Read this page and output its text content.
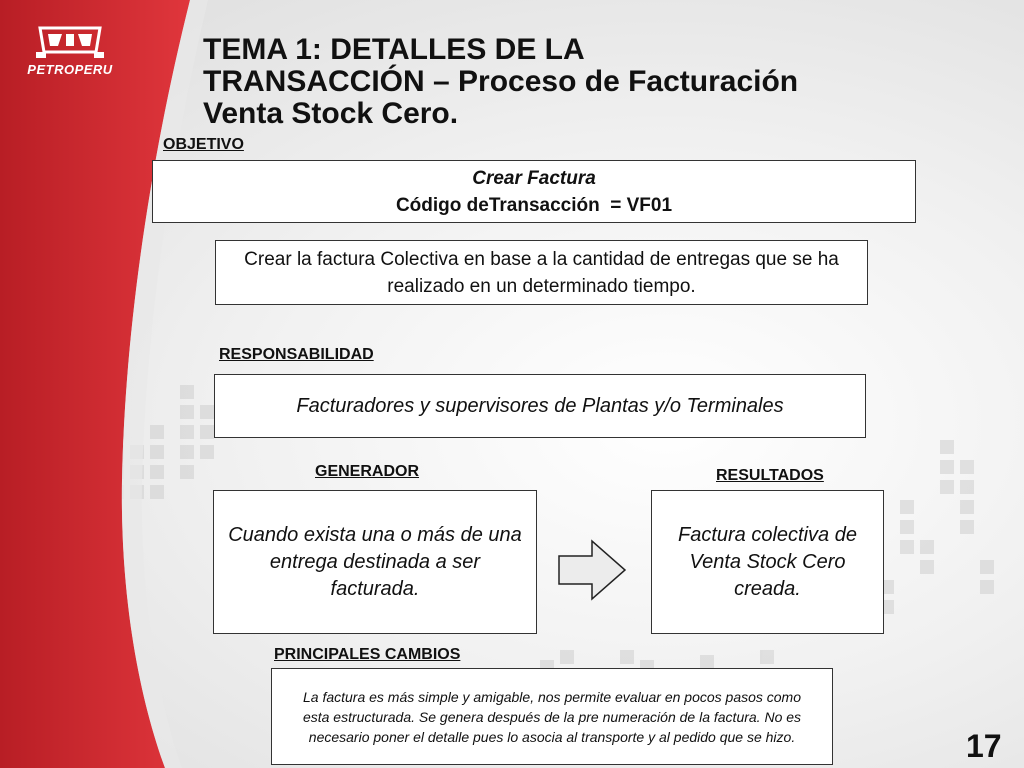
PETROPERU
TEMA 1: DETALLES DE LA
TRANSACCIÓN – Proceso de Facturación
Venta Stock Cero.
OBJETIVO
Crear Factura
Código deTransacción  = VF01
Crear la factura Colectiva en base a la cantidad de entregas que se ha realizado en un determinado tiempo.
RESPONSABILIDAD
Facturadores y supervisores de Plantas y/o Terminales
GENERADOR
Cuando exista una o más de una entrega destinada a ser facturada.
RESULTADOS
Factura colectiva de Venta Stock Cero creada.
PRINCIPALES CAMBIOS
La factura es más simple y amigable, nos permite evaluar en pocos pasos como esta estructurada. Se genera después de la pre numeración de la factura. No es necesario poner el detalle pues lo asocia al transporte y al pedido que se hizo.	17
